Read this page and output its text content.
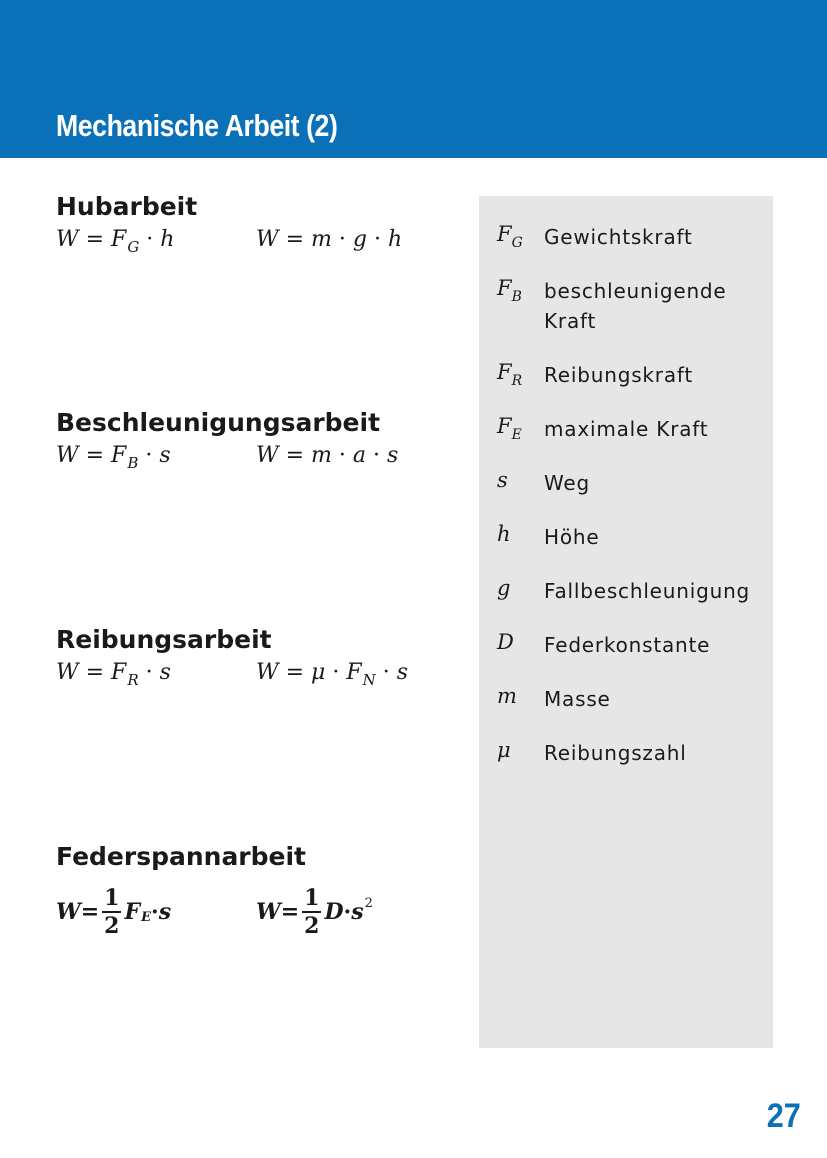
Mechanische Arbeit (2)
Hubarbeit
$W = F_G \cdot h$	W = m · g · h
Beschleunigungsarbeit
$W = F_B \cdot s$	W = m · a · s
Reibungsarbeit
$W = F_R \cdot s$	$W = \mu \cdot F_N \cdot s$
Federspannarbeit
$W = \frac{1}{2}$ F E · s	$W = \frac{1}{2}$ D · s 2
$F_G$ Gewichtskraft
$F_B$ beschleunigende Kraft
$F_R$ Reibungskraft
$F_E$ maximale Kraft
s Weg
h Höhe
g Fallbeschleunigung
D Federkonstante
m Masse
μ Reibungszahl
27
